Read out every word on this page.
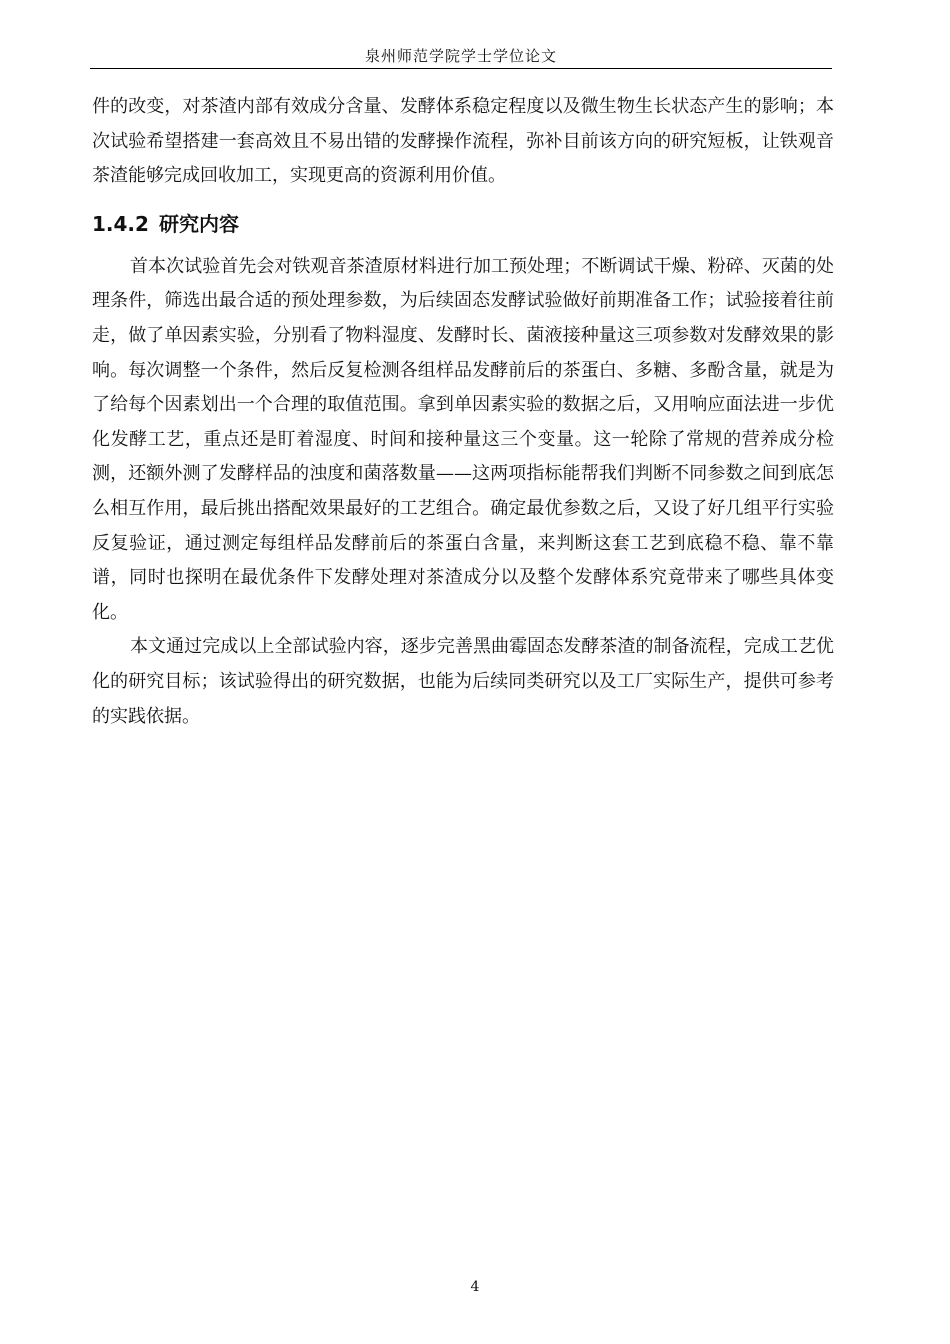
泉州师范学院学士学位论文

件的改变，对茶渣内部有效成分含量、发酵体系稳定程度以及微生物生长状态产生的影响；本次试验希望搭建一套高效且不易出错的发酵操作流程，弥补目前该方向的研究短板，让铁观音茶渣能够完成回收加工，实现更高的资源利用价值。

1.4.2 研究内容

首本次试验首先会对铁观音茶渣原材料进行加工预处理；不断调试干燥、粉碎、灭菌的处理条件，筛选出最合适的预处理参数，为后续固态发酵试验做好前期准备工作；试验接着往前走，做了单因素实验，分别看了物料湿度、发酵时长、菌液接种量这三项参数对发酵效果的影响。每次调整一个条件，然后反复检测各组样品发酵前后的茶蛋白、多糖、多酚含量，就是为了给每个因素划出一个合理的取值范围。拿到单因素实验的数据之后，又用响应面法进一步优化发酵工艺，重点还是盯着湿度、时间和接种量这三个变量。这一轮除了常规的营养成分检测，还额外测了发酵样品的浊度和菌落数量——这两项指标能帮我们判断不同参数之间到底怎么相互作用，最后挑出搭配效果最好的工艺组合。确定最优参数之后，又设了好几组平行实验反复验证，通过测定每组样品发酵前后的茶蛋白含量，来判断这套工艺到底稳不稳、靠不靠谱，同时也探明在最优条件下发酵处理对茶渣成分以及整个发酵体系究竟带来了哪些具体变化。

本文通过完成以上全部试验内容，逐步完善黑曲霉固态发酵茶渣的制备流程，完成工艺优化的研究目标；该试验得出的研究数据，也能为后续同类研究以及工厂实际生产，提供可参考的实践依据。

4
